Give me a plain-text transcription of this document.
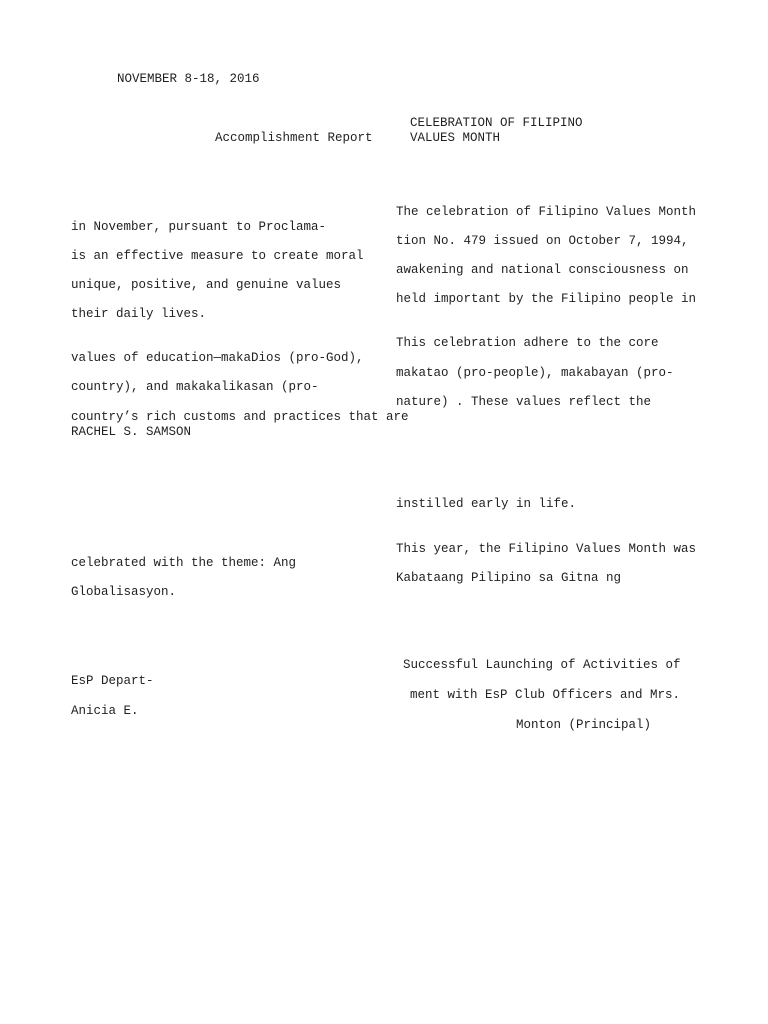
NOVEMBER 8-18, 2016
CELEBRATION OF FILIPINO
Accomplishment Report	VALUES MONTH
The celebration of Filipino Values Month
tion No. 479 issued on October 7, 1994,
awakening and national consciousness on
held important by the Filipino people in
in November, pursuant to Proclama-
is an effective measure to create moral
unique, positive, and genuine values
their daily lives.
This celebration adhere to the core
makatao (pro-people), makabayan (pro-
nature) . These values reflect the
values of education—makaDios (pro-God),
country), and makakalikasan (pro-
country’s rich customs and practices that are
RACHEL S. SAMSON
instilled early in life.
This year, the Filipino Values Month was
celebrated with the theme: Ang
Kabataang Pilipino sa Gitna ng
Globalisasyon.
Successful Launching of Activities of
EsP Depart-
ment with EsP Club Officers and Mrs.
Anicia E.
Monton (Principal)
